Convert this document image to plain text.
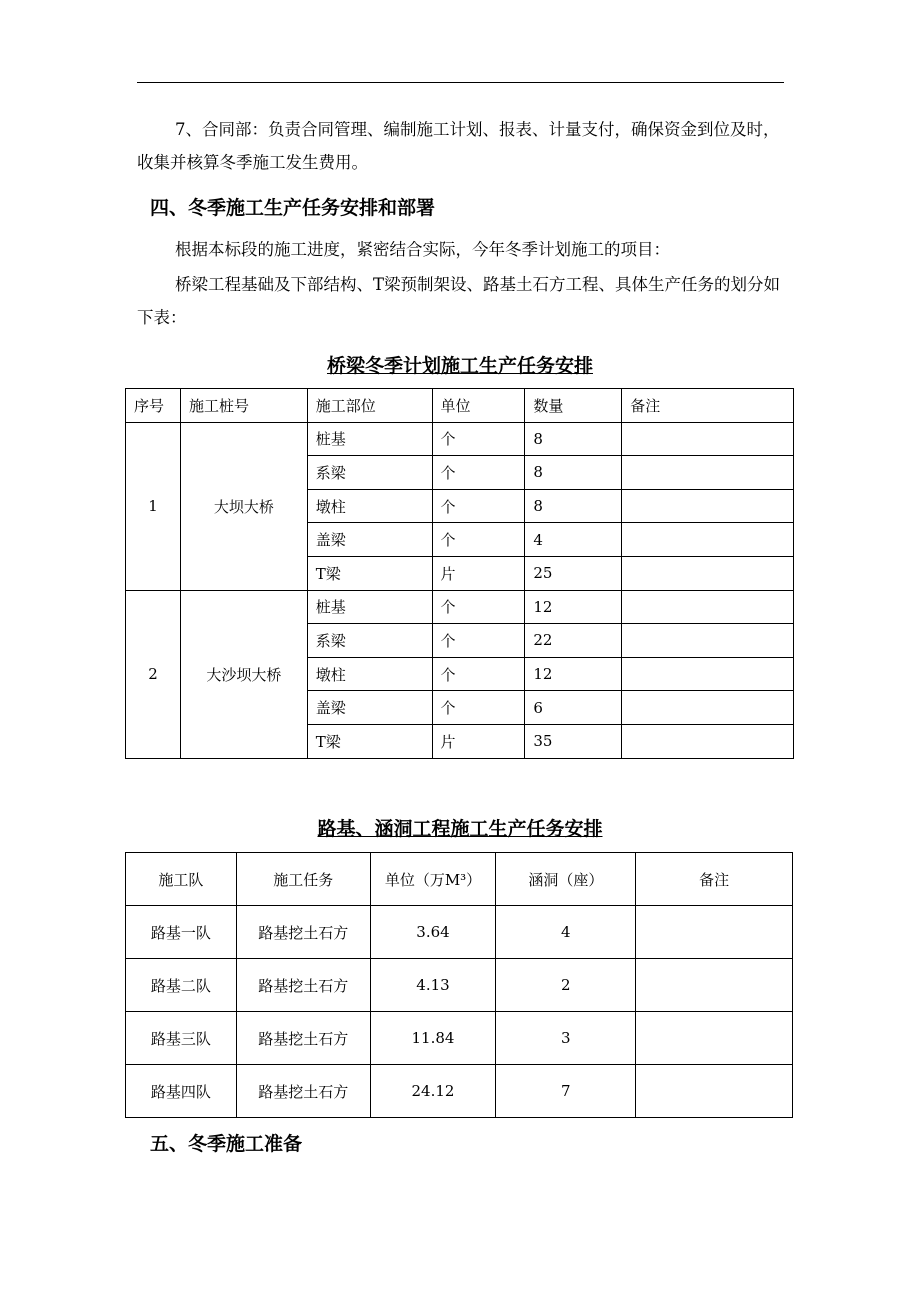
7、合同部：负责合同管理、编制施工计划、报表、计量支付，确保资金到位及时，收集并核算冬季施工发生费用。

四、冬季施工生产任务安排和部署

根据本标段的施工进度，紧密结合实际，今年冬季计划施工的项目：

桥梁工程基础及下部结构、T梁预制架设、路基土石方工程、具体生产任务的划分如下表：

桥梁冬季计划施工生产任务安排

序号	施工桩号	施工部位	单位	数量	备注
1	大坝大桥	桩基	个	8	
		系梁	个	8	
		墩柱	个	8	
		盖梁	个	4	
		T梁	片	25	
2	大沙坝大桥	桩基	个	12	
		系梁	个	22	
		墩柱	个	12	
		盖梁	个	6	
		T梁	片	35	

路基、涵洞工程施工生产任务安排

施工队	施工任务	单位（万M³）	涵洞（座）	备注
路基一队	路基挖土石方	3.64	4	
路基二队	路基挖土石方	4.13	2	
路基三队	路基挖土石方	11.84	3	
路基四队	路基挖土石方	24.12	7	

五、冬季施工准备
